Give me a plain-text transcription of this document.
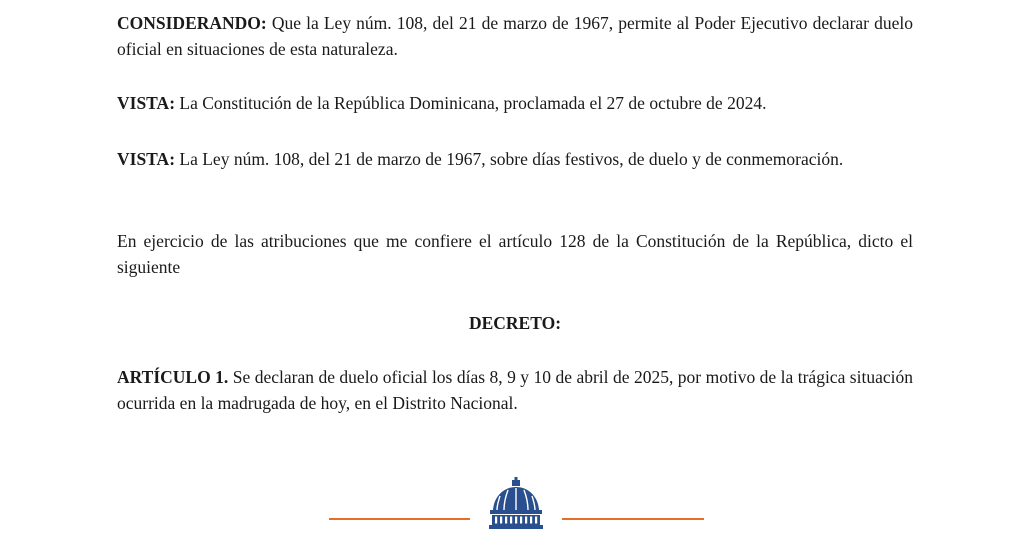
CONSIDERANDO: Que la Ley núm. 108, del 21 de marzo de 1967, permite al Poder Ejecutivo declarar duelo oficial en situaciones de esta naturaleza.

VISTA: La Constitución de la República Dominicana, proclamada el 27 de octubre de 2024.

VISTA: La Ley núm. 108, del 21 de marzo de 1967, sobre días festivos, de duelo y de conmemoración.

En ejercicio de las atribuciones que me confiere el artículo 128 de la Constitución de la República, dicto el siguiente

DECRETO:

ARTÍCULO 1. Se declaran de duelo oficial los días 8, 9 y 10 de abril de 2025, por motivo de la trágica situación ocurrida en la madrugada de hoy, en el Distrito Nacional.
